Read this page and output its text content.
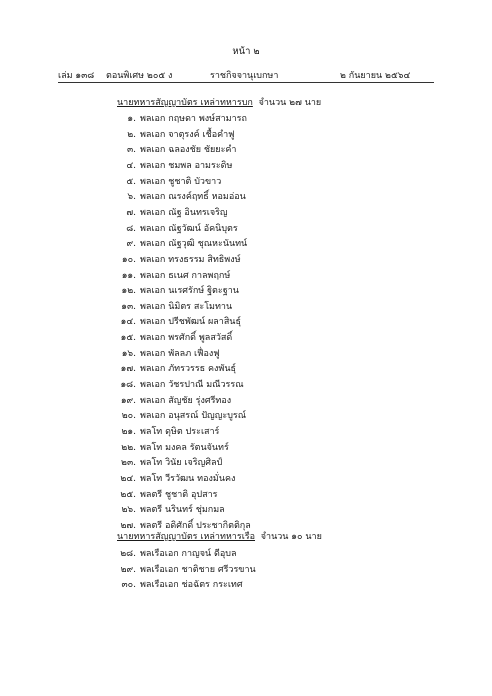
หน้า ๒
เล่ม ๑๓๘ ตอนพิเศษ ๒๐๕ ง	ราชกิจจานุเบกษา	๒ กันยายน ๒๕๖๔
นายทหารสัญญาบัตร เหล่าทหารบก จำนวน ๒๗ นาย
๑. พลเอก กฤษดา พงษ์สามารถ
๒. พลเอก จาตุรงค์ เชื้อคำฟู
๓. พลเอก ฉลองชัย ชัยยะคำ
๔. พลเอก ชมพล อามระดิษ
๕. พลเอก ชูชาติ บัวขาว
๖. พลเอก ณรงค์ฤทธิ์ หอมอ่อน
๗. พลเอก ณัฐ อินทรเจริญ
๘. พลเอก ณัฐวัฒน์ อัคนิบุตร
๙. พลเอก ณัฐวุฒิ ชุณหะนันทน์
๑๐. พลเอก ทรงธรรม สิทธิพงษ์
๑๑. พลเอก ธเนศ กาลพฤกษ์
๑๒. พลเอก นเรศรักษ์ ฐิตะฐาน
๑๓. พลเอก นิมิตร สะโมทาน
๑๔. พลเอก ปรีชพัฒน์ ผลาสินธุ์
๑๕. พลเอก พรศักดิ์ พูลสวัสดิ์
๑๖. พลเอก พัลลภ เฟื่องฟู
๑๗. พลเอก ภัทรวรรธ คงพันธุ์
๑๘. พลเอก วัชรปาณี มณีวรรณ
๑๙. พลเอก สัญชัย รุ่งศรีทอง
๒๐. พลเอก อนุสรณ์ ปัญญะบูรณ์
๒๑. พลโท ดุษิต ประเสาร์
๒๒. พลโท มงคล รัตนจันทร์
๒๓. พลโท วินัย เจริญศิลป์
๒๔. พลโท วีรวัฒน ทองมั่นคง
๒๕. พลตรี ชูชาติ อุปสาร
๒๖. พลตรี นรินทร์ ชุ่มกมล
๒๗. พลตรี อดิศักดิ์ ประชากิตติกุล
นายทหารสัญญาบัตร เหล่าทหารเรือ จำนวน ๑๐ นาย
๒๘. พลเรือเอก กาญจน์ ดีอุบล
๒๙. พลเรือเอก ชาติชาย ศรีวรขาน
๓๐. พลเรือเอก ช่อฉัตร กระเทศ
